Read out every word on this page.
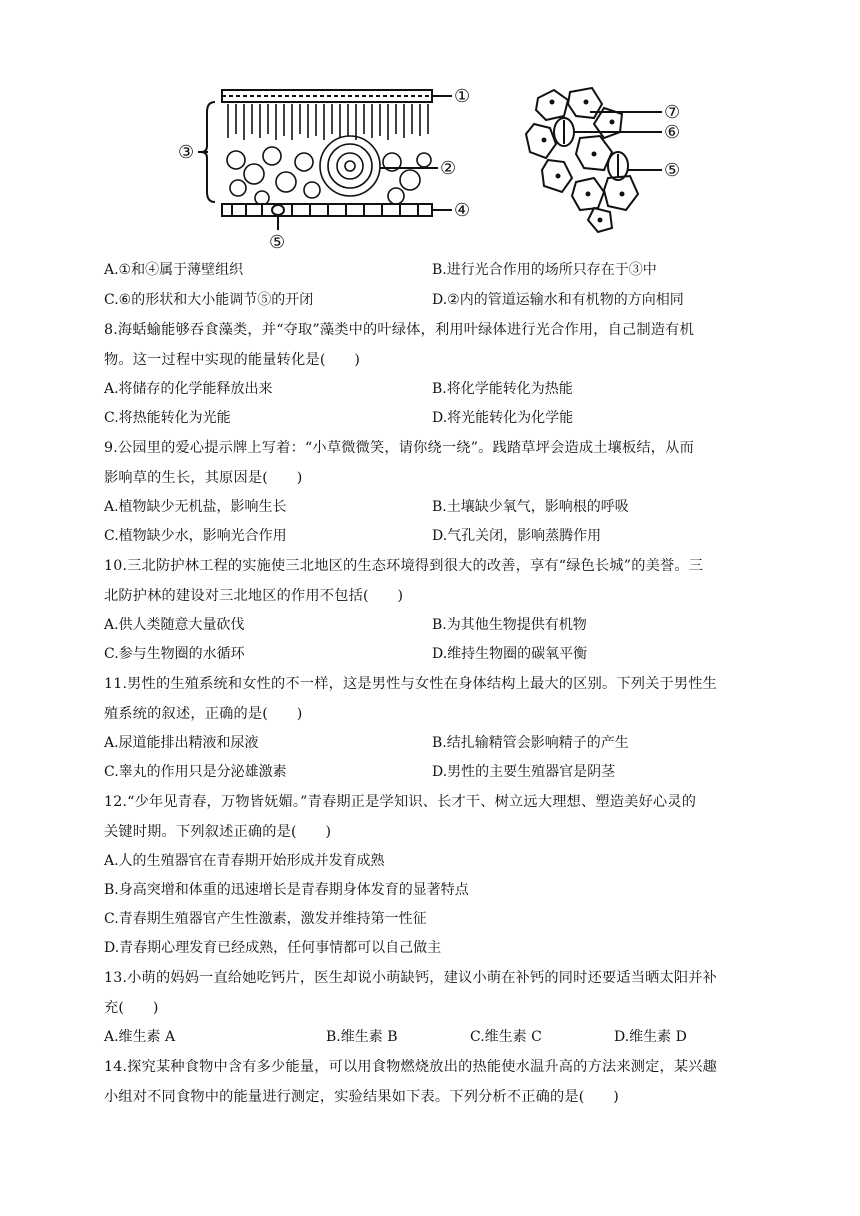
①
②
③
④
⑤
⑦
⑥
⑤
A.①和④属于薄壁组织	B.进行光合作用的场所只存在于③中
C.⑥的形状和大小能调节⑤的开闭	D.②内的管道运输水和有机物的方向相同
8.海蛞蝓能够吞食藻类，并“夺取”藻类中的叶绿体，利用叶绿体进行光合作用，自己制造有机
物。这一过程中实现的能量转化是(　　)
A.将储存的化学能释放出来	B.将化学能转化为热能
C.将热能转化为光能	D.将光能转化为化学能
9.公园里的爱心提示牌上写着：“小草微微笑，请你绕一绕”。践踏草坪会造成土壤板结，从而
影响草的生长，其原因是(　　)
A.植物缺少无机盐，影响生长	B.土壤缺少氧气，影响根的呼吸
C.植物缺少水，影响光合作用	D.气孔关闭，影响蒸腾作用
10.三北防护林工程的实施使三北地区的生态环境得到很大的改善，享有“绿色长城”的美誉。三
北防护林的建设对三北地区的作用不包括(　　)
A.供人类随意大量砍伐	B.为其他生物提供有机物
C.参与生物圈的水循环	D.维持生物圈的碳氧平衡
11.男性的生殖系统和女性的不一样，这是男性与女性在身体结构上最大的区别。下列关于男性生
殖系统的叙述，正确的是(　　)
A.尿道能排出精液和尿液	B.结扎输精管会影响精子的产生
C.睾丸的作用只是分泌雄激素	D.男性的主要生殖器官是阴茎
12.“少年见青春，万物皆妩媚。”青春期正是学知识、长才干、树立远大理想、塑造美好心灵的
关键时期。下列叙述正确的是(　　)
A.人的生殖器官在青春期开始形成并发育成熟
B.身高突增和体重的迅速增长是青春期身体发育的显著特点
C.青春期生殖器官产生性激素，激发并维持第一性征
D.青春期心理发育已经成熟，任何事情都可以自己做主
13.小萌的妈妈一直给她吃钙片，医生却说小萌缺钙，建议小萌在补钙的同时还要适当晒太阳并补
充(　　)
A.维生素 A	B.维生素 B	C.维生素 C	D.维生素 D
14.探究某种食物中含有多少能量，可以用食物燃烧放出的热能使水温升高的方法来测定，某兴趣
小组对不同食物中的能量进行测定，实验结果如下表。下列分析不正确的是(　　)
